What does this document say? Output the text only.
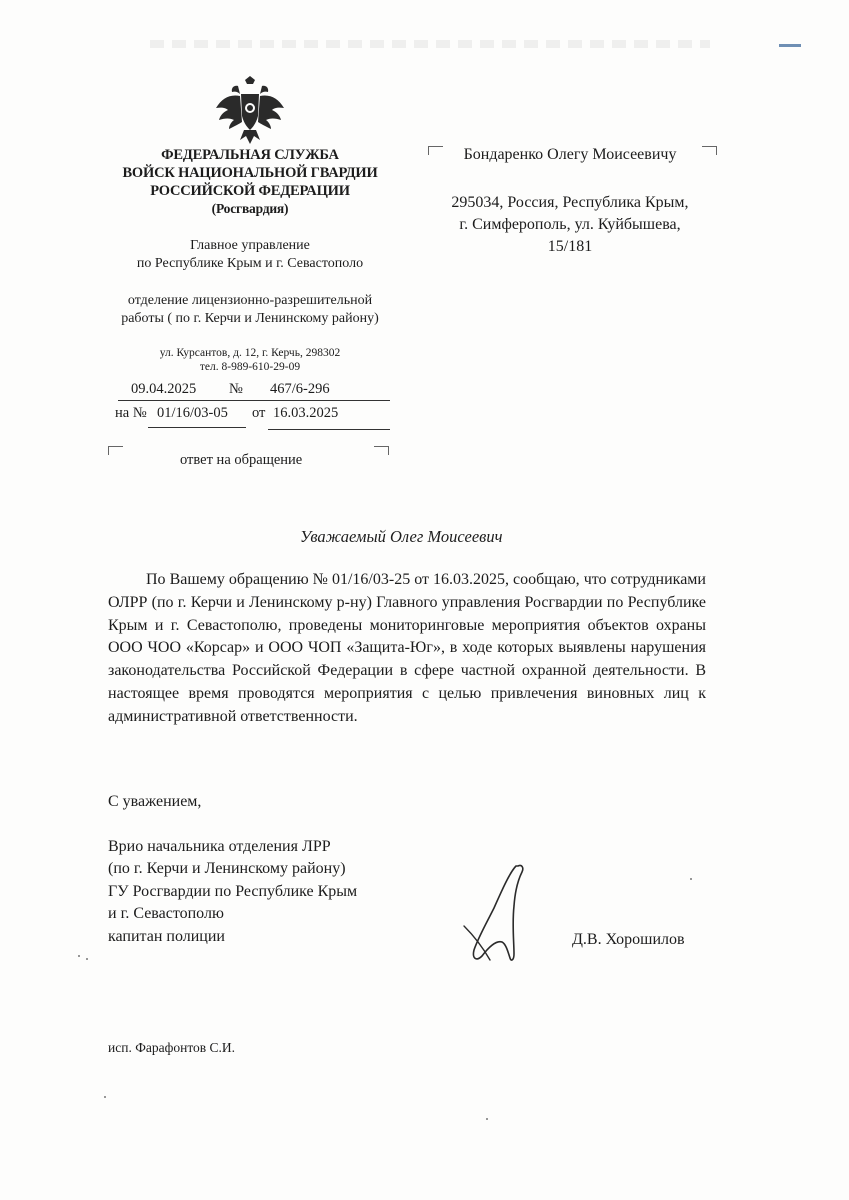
ФЕДЕРАЛЬНАЯ СЛУЖБА
ВОЙСК НАЦИОНАЛЬНОЙ ГВАРДИИ
РОССИЙСКОЙ ФЕДЕРАЦИИ
(Росгвардия)
Главное управление
по Республике Крым и г. Севастополо
отделение лицензионно-разрешительной
работы ( по г. Керчи и Ленинскому району)
ул. Курсантов, д. 12, г. Керчь, 298302
тел. 8-989-610-29-09
09.04.2025 № 467/6-296
на № 01/16/03-05 от 16.03.2025
ответ на обращение
Бондаренко Олегу Моисеевичу
295034, Россия, Республика Крым,
г. Симферополь, ул. Куйбышева,
15/181
Уважаемый Олег Моисеевич

По Вашему обращению № 01/16/03-25 от 16.03.2025, сообщаю, что сотрудниками ОЛРР (по г. Керчи и Ленинскому р-ну) Главного управления Росгвардии по Республике Крым и г. Севастополю, проведены мониторинговые мероприятия объектов охраны ООО ЧОО «Корсар» и ООО ЧОП «Защита-Юг», в ходе которых выявлены нарушения законодательства Российской Федерации в сфере частной охранной деятельности. В настоящее время проводятся мероприятия с целью привлечения виновных лиц к административной ответственности.

С уважением,
Врио начальника отделения ЛРР
(по г. Керчи и Ленинскому району)
ГУ Росгвардии по Республике Крым
и г. Севастополю
капитан полиции	Д.В. Хорошилов
исп. Фарафонтов С.И.
